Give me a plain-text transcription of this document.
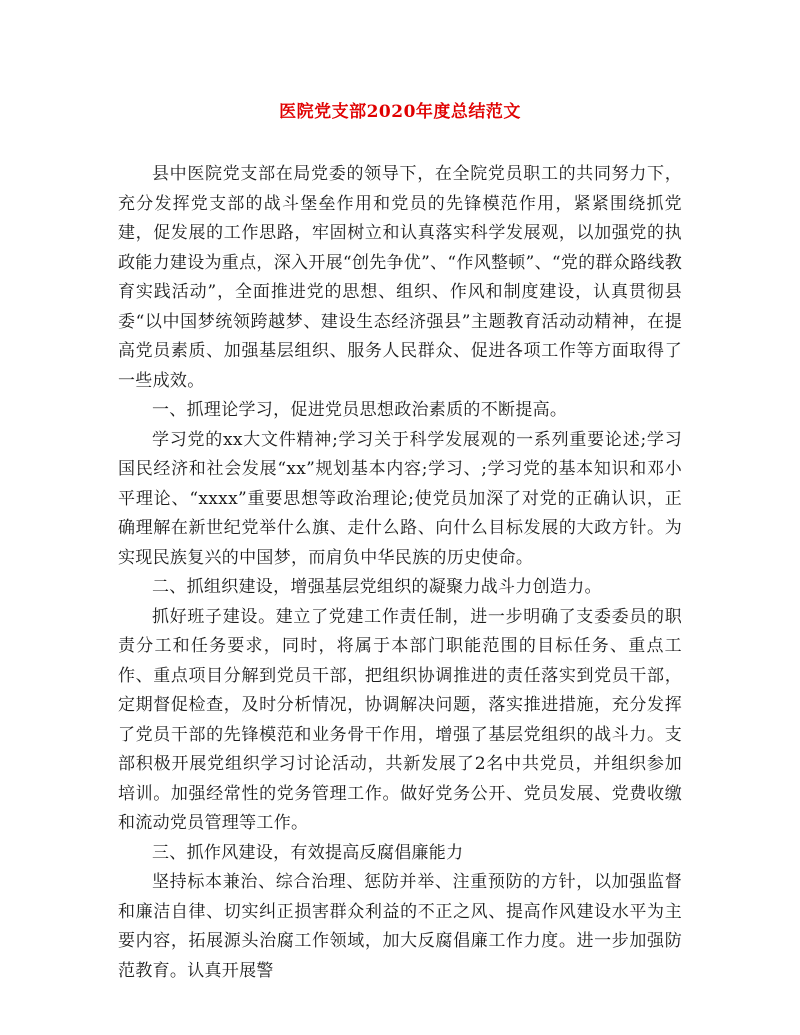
医院党支部2020年度总结范文

县中医院党支部在局党委的领导下，在全院党员职工的共同努力下，充分发挥党支部的战斗堡垒作用和党员的先锋模范作用，紧紧围绕抓党建，促发展的工作思路，牢固树立和认真落实科学发展观，以加强党的执政能力建设为重点，深入开展“创先争优”、“作风整顿”、“党的群众路线教育实践活动”，全面推进党的思想、组织、作风和制度建设，认真贯彻县委“以中国梦统领跨越梦、建设生态经济强县”主题教育活动动精神，在提高党员素质、加强基层组织、服务人民群众、促进各项工作等方面取得了一些成效。

一、抓理论学习，促进党员思想政治素质的不断提高。

学习党的xx大文件精神;学习关于科学发展观的一系列重要论述;学习国民经济和社会发展“xx”规划基本内容;学习、;学习党的基本知识和邓小平理论、“xxxx”重要思想等政治理论;使党员加深了对党的正确认识，正确理解在新世纪党举什么旗、走什么路、向什么目标发展的大政方针。为实现民族复兴的中国梦，而肩负中华民族的历史使命。

二、抓组织建设，增强基层党组织的凝聚力战斗力创造力。

抓好班子建设。建立了党建工作责任制，进一步明确了支委委员的职责分工和任务要求，同时，将属于本部门职能范围的目标任务、重点工作、重点项目分解到党员干部，把组织协调推进的责任落实到党员干部，定期督促检查，及时分析情况，协调解决问题，落实推进措施，充分发挥了党员干部的先锋模范和业务骨干作用，增强了基层党组织的战斗力。支部积极开展党组织学习讨论活动，共新发展了2名中共党员，并组织参加培训。加强经常性的党务管理工作。做好党务公开、党员发展、党费收缴和流动党员管理等工作。

三、抓作风建设，有效提高反腐倡廉能力

坚持标本兼治、综合治理、惩防并举、注重预防的方针，以加强监督和廉洁自律、切实纠正损害群众利益的不正之风、提高作风建设水平为主要内容，拓展源头治腐工作领域，加大反腐倡廉工作力度。进一步加强防范教育。认真开展警
